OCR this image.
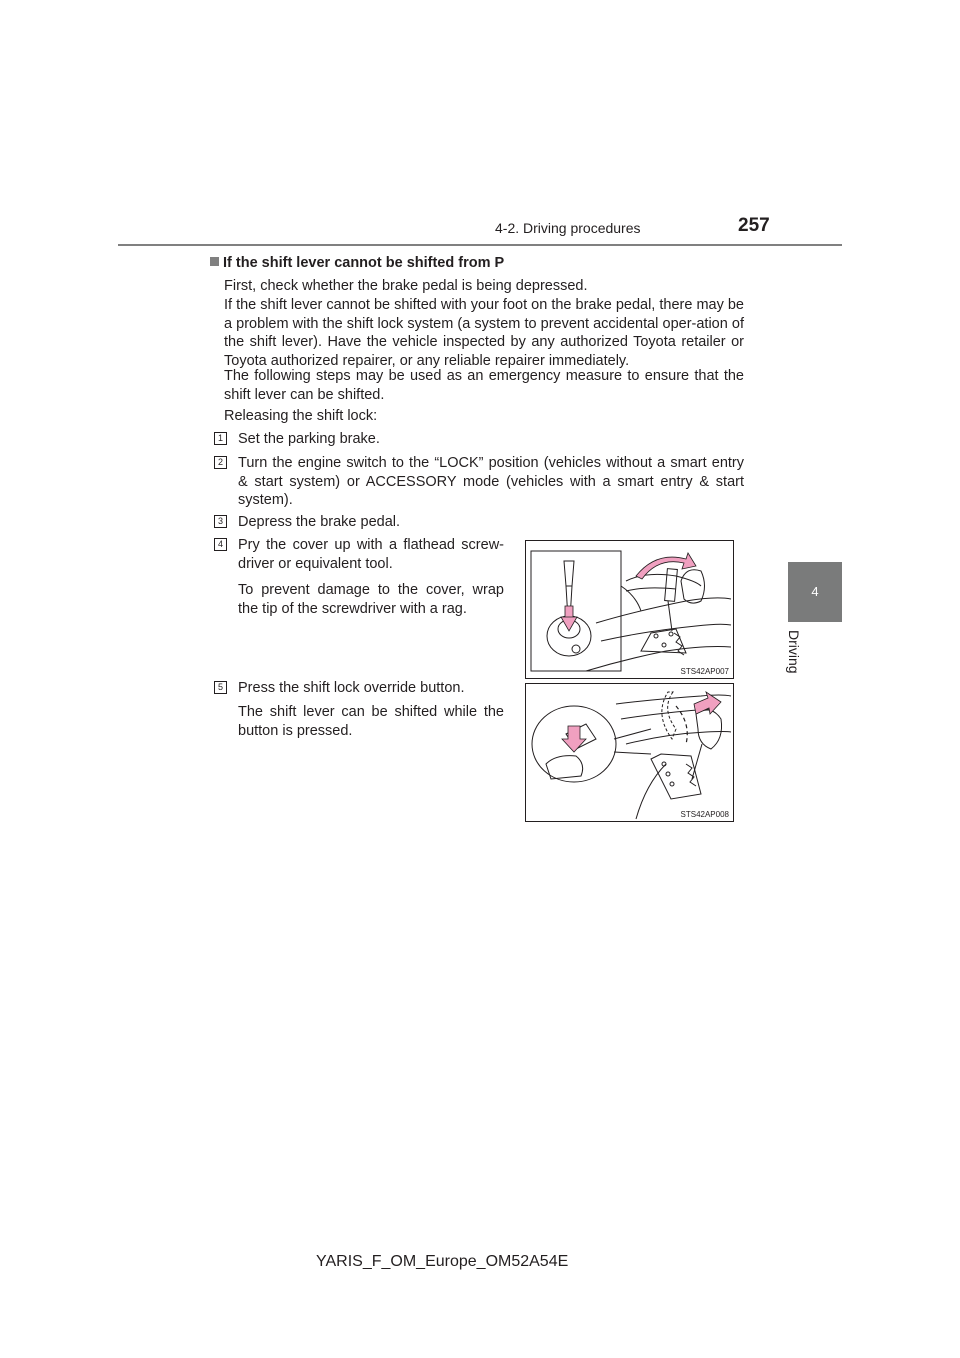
4-2. Driving procedures	257
4
Driving
If the shift lever cannot be shifted from P
First, check whether the brake pedal is being depressed.
If the shift lever cannot be shifted with your foot on the brake pedal, there may be a problem with the shift lock system (a system to prevent accidental oper-ation of the shift lever). Have the vehicle inspected by any authorized Toyota retailer or Toyota authorized repairer, or any reliable repairer immediately.
The following steps may be used as an emergency measure to ensure that the shift lever can be shifted.
Releasing the shift lock:
1 Set the parking brake.
2 Turn the engine switch to the “LOCK” position (vehicles without a smart entry & start system) or ACCESSORY mode (vehicles with a smart entry & start system).
3 Depress the brake pedal.
4 Pry the cover up with a flathead screw-driver or equivalent tool.
To prevent damage to the cover, wrap the tip of the screwdriver with a rag.
5 Press the shift lock override button.
The shift lever can be shifted while the button is pressed.
STS42AP007
STS42AP008
YARIS_F_OM_Europe_OM52A54E
